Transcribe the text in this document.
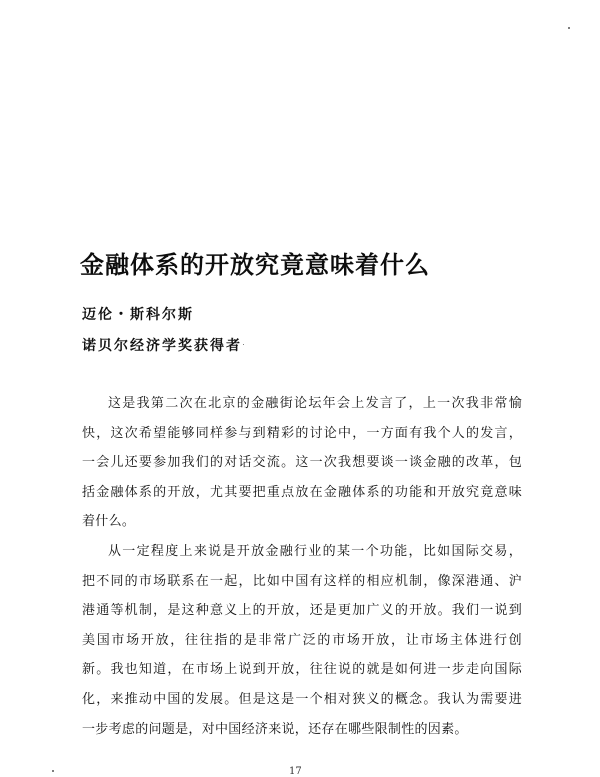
金融体系的开放究竟意味着什么
迈伦・斯科尔斯
诺贝尔经济学奖获得者
这是我第二次在北京的金融街论坛年会上发言了，上一次我非常愉
快，这次希望能够同样参与到精彩的讨论中，一方面有我个人的发言，
一会儿还要参加我们的对话交流。这一次我想要谈一谈金融的改革，包
括金融体系的开放，尤其要把重点放在金融体系的功能和开放究竟意味
着什么。
从一定程度上来说是开放金融行业的某一个功能，比如国际交易，
把不同的市场联系在一起，比如中国有这样的相应机制，像深港通、沪
港通等机制，是这种意义上的开放，还是更加广义的开放。我们一说到
美国市场开放，往往指的是非常广泛的市场开放，让市场主体进行创
新。我也知道，在市场上说到开放，往往说的就是如何进一步走向国际
化，来推动中国的发展。但是这是一个相对狭义的概念。我认为需要进
一步考虑的问题是，对中国经济来说，还存在哪些限制性的因素。
17
